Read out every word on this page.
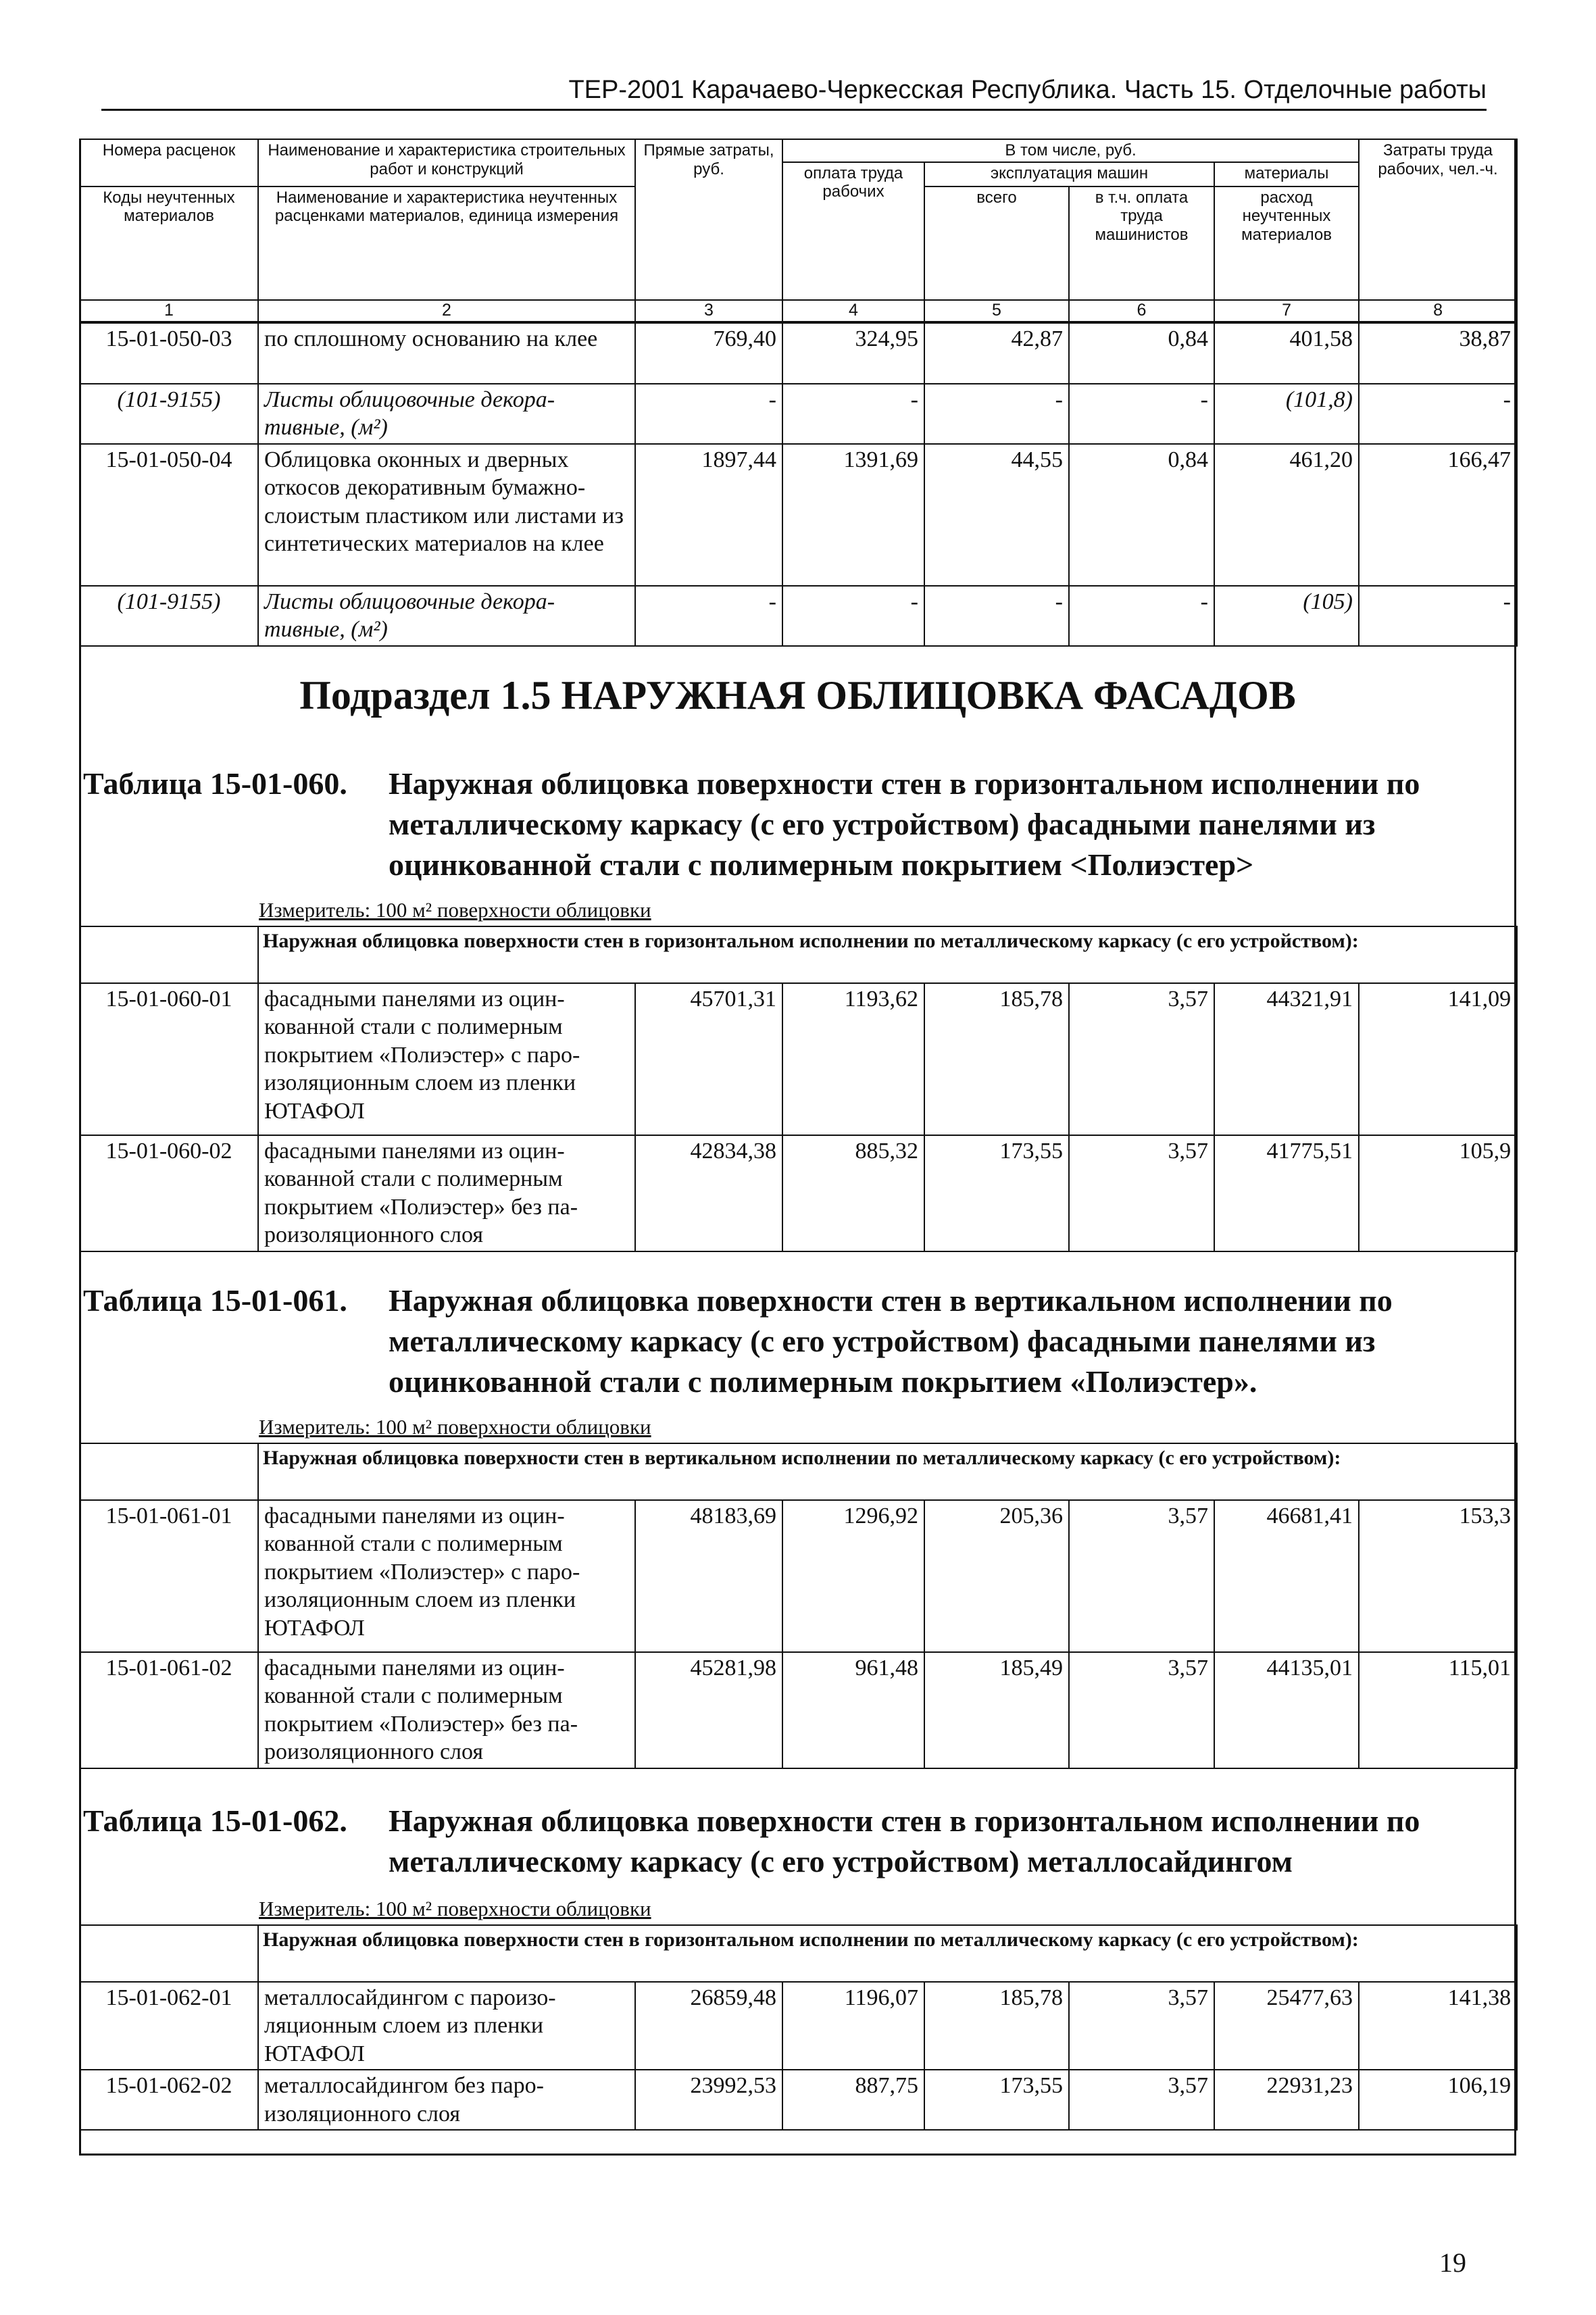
ТЕР-2001 Карачаево-Черкесская Республика. Часть 15. Отделочные работы
Номера расценок	Наименование и характеристика строительных работ и конструкций	Прямые затраты, руб.	В том числе, руб.				Затраты труда рабочих, чел.-ч.
			оплата труда рабочих	эксплуатация машин		материалы	
Коды неучтенных материалов	Наименование и характеристика неучтенных расценками материалов, единица измерения			всего	в т.ч. оплата труда машинистов	расход неучтенных материалов	

1	2	3	4	5	6	7	8
15-01-050-03	по сплошному основанию на клее	769,40	324,95	42,87	0,84	401,58	38,87
(101-9155)	Листы облицовочные декора-тивные, (м²)	-	-	-	-	(101,8)	-
15-01-050-04	Облицовка оконных и дверных откосов декоративным бумажно-слоистым пластиком или листами из синтетических материалов на клее	1897,44	1391,69	44,55	0,84	461,20	166,47
(101-9155)	Листы облицовочные декора-тивные, (м²)	-	-	-	-	(105)	-
Подраздел 1.5 НАРУЖНАЯ ОБЛИЦОВКА ФАСАДОВ
Таблица 15-01-060. Наружная облицовка поверхности стен в горизонтальном исполнении по металлическому каркасу (с его устройством) фасадными панелями из оцинкованной стали с полимерным покрытием <Полиэстер>
Измеритель: 100 м² поверхности облицовки
	Наружная облицовка поверхности стен в горизонтальном исполнении по металлическому каркасу (с его устройством):						
15-01-060-01	фасадными панелями из оцин-кованной стали с полимерным покрытием «Полиэстер» с паро-изоляционным слоем из пленки ЮТАФОЛ	45701,31	1193,62	185,78	3,57	44321,91	141,09
15-01-060-02	фасадными панелями из оцин-кованной стали с полимерным покрытием «Полиэстер» без па-роизоляционного слоя	42834,38	885,32	173,55	3,57	41775,51	105,9
Таблица 15-01-061. Наружная облицовка поверхности стен в вертикальном исполнении по металлическому каркасу (с его устройством) фасадными панелями из оцинкованной стали с полимерным покрытием «Полиэстер».
Измеритель: 100 м² поверхности облицовки
	Наружная облицовка поверхности стен в вертикальном исполнении по металлическому каркасу (с его устройством):						
15-01-061-01	фасадными панелями из оцин-кованной стали с полимерным покрытием «Полиэстер» с паро-изоляционным слоем из пленки ЮТАФОЛ	48183,69	1296,92	205,36	3,57	46681,41	153,3
15-01-061-02	фасадными панелями из оцин-кованной стали с полимерным покрытием «Полиэстер» без па-роизоляционного слоя	45281,98	961,48	185,49	3,57	44135,01	115,01
Таблица 15-01-062. Наружная облицовка поверхности стен в горизонтальном исполнении по металлическому каркасу (с его устройством) металлосайдингом
Измеритель: 100 м² поверхности облицовки
	Наружная облицовка поверхности стен в горизонтальном исполнении по металлическому каркасу (с его устройством):						
15-01-062-01	металлосайдингом с пароизо-ляционным слоем из пленки ЮТАФОЛ	26859,48	1196,07	185,78	3,57	25477,63	141,38
15-01-062-02	металлосайдингом без паро-изоляционного слоя	23992,53	887,75	173,55	3,57	22931,23	106,19
19
